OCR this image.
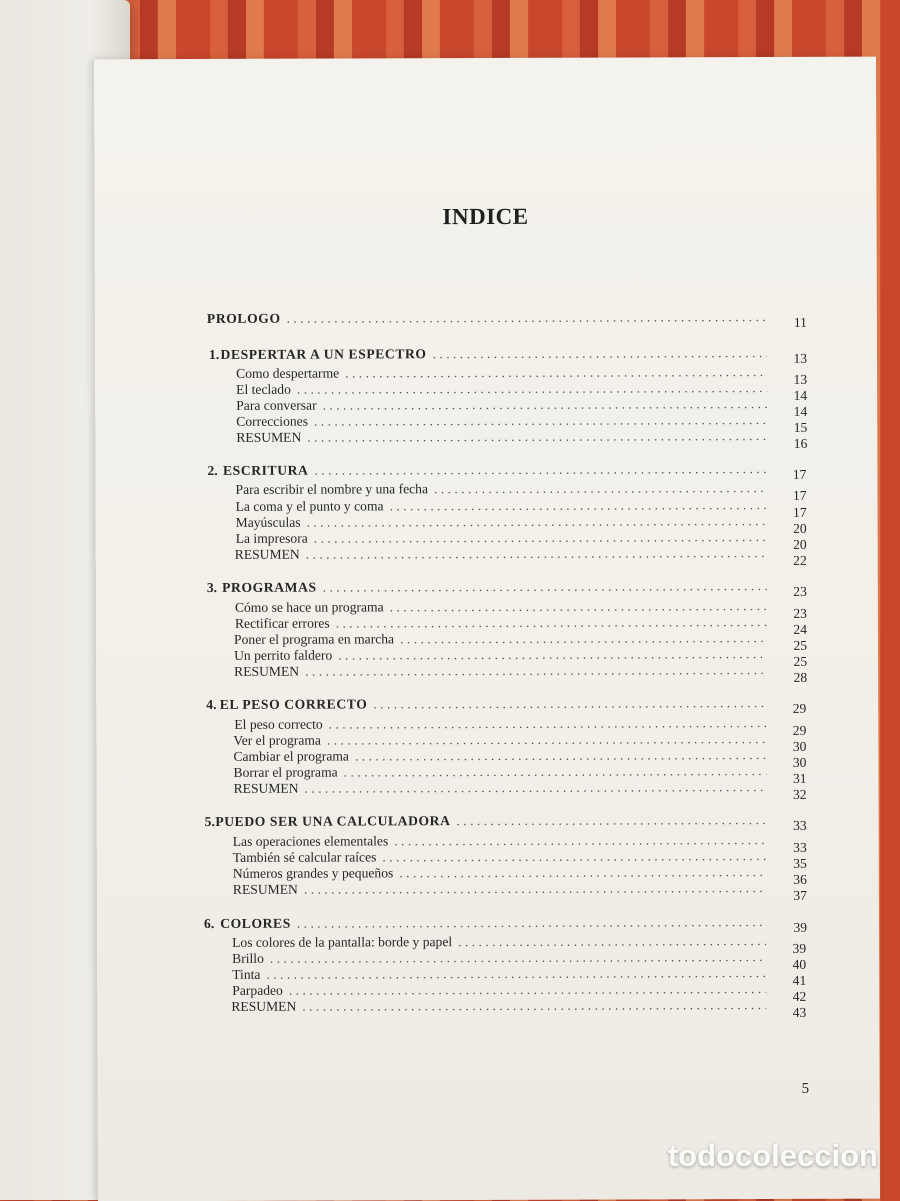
INDICE
PROLOGO . . .	11
1. DESPERTAR A UN ESPECTRO . . .	13
Como despertarme . . .	13
El teclado . . .	14
Para conversar . . .	14
Correcciones . . .	15
RESUMEN . . .	16
2. ESCRITURA . . .	17
Para escribir el nombre y una fecha . . .	17
La coma y el punto y coma . . .	17
Mayúsculas . . .	20
La impresora . . .	20
RESUMEN . . .	22
3. PROGRAMAS . . .	23
Cómo se hace un programa . . .	23
Rectificar errores . . .	24
Poner el programa en marcha . . .	25
Un perrito faldero . . .	25
RESUMEN . . .	28
4. EL PESO CORRECTO . . .	29
El peso correcto . . .	29
Ver el programa . . .	30
Cambiar el programa . . .	30
Borrar el programa . . .	31
RESUMEN . . .	32
5. PUEDO SER UNA CALCULADORA . . .	33
Las operaciones elementales . . .	33
También sé calcular raíces . . .	35
Números grandes y pequeños . . .	36
RESUMEN . . .	37
6. COLORES . . .	39
Los colores de la pantalla: borde y papel . . .	39
Brillo . . .	40
Tinta . . .	41
Parpadeo . . .	42
RESUMEN . . .	43
5
todocoleccion
